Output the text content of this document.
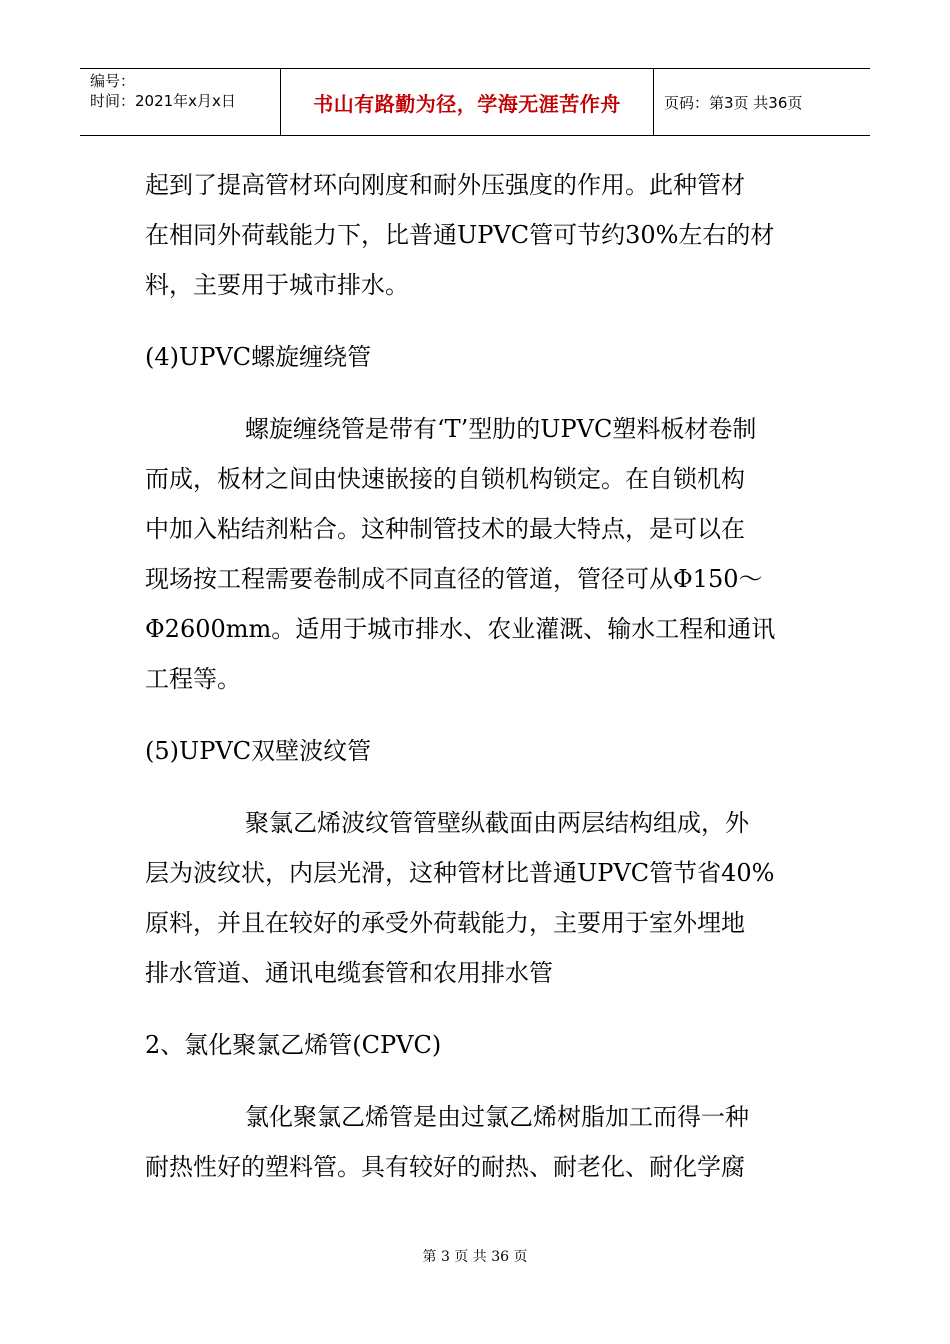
编号：
时间：2021年x月x日	书山有路勤为径，学海无涯苦作舟	页码：第3页 共36页

起到了提高管材环向刚度和耐外压强度的作用。此种管材

在相同外荷载能力下，比普通UPVC管可节约30%左右的材

料，主要用于城市排水。

(4)UPVC螺旋缠绕管

螺旋缠绕管是带有‘T’型肋的UPVC塑料板材卷制

而成，板材之间由快速嵌接的自锁机构锁定。在自锁机构

中加入粘结剂粘合。这种制管技术的最大特点，是可以在

现场按工程需要卷制成不同直径的管道，管径可从Φ150～

Φ2600mm。适用于城市排水、农业灌溉、输水工程和通讯

工程等。

(5)UPVC双壁波纹管

聚氯乙烯波纹管管壁纵截面由两层结构组成，外

层为波纹状，内层光滑，这种管材比普通UPVC管节省40%

原料，并且在较好的承受外荷载能力，主要用于室外埋地

排水管道、通讯电缆套管和农用排水管

2、氯化聚氯乙烯管(CPVC)

氯化聚氯乙烯管是由过氯乙烯树脂加工而得一种

耐热性好的塑料管。具有较好的耐热、耐老化、耐化学腐

第 3 页 共 36 页
